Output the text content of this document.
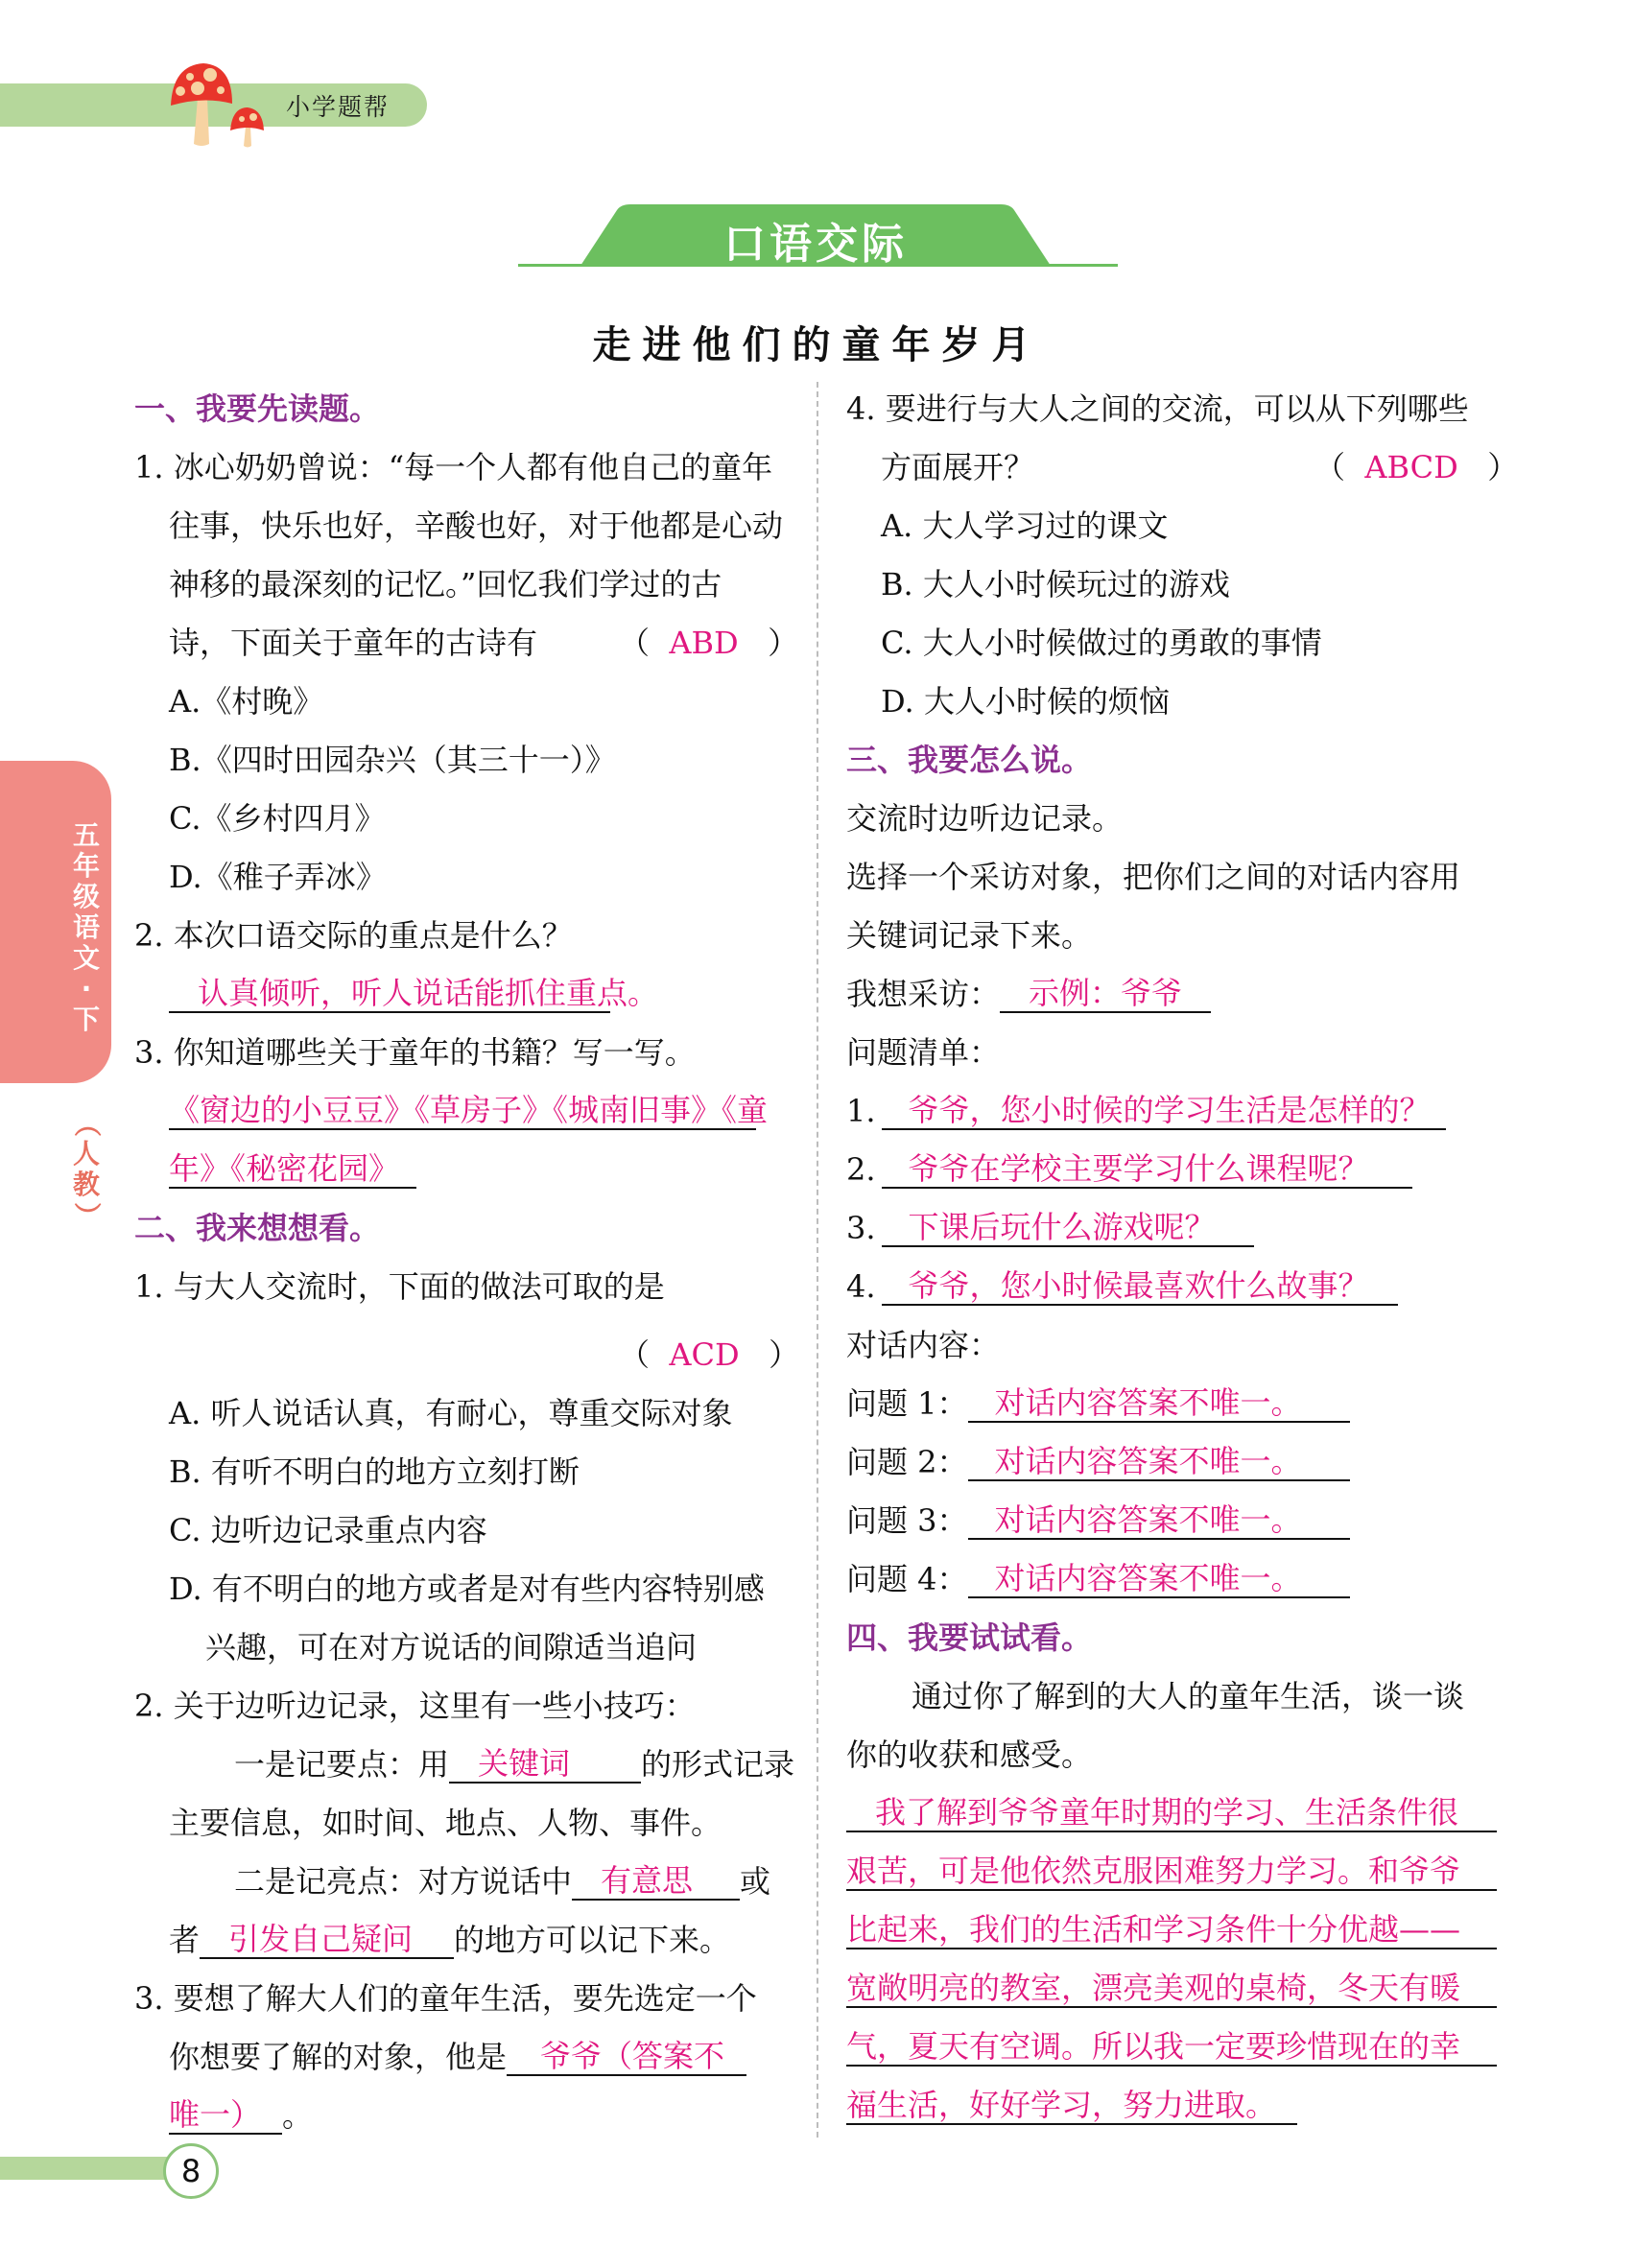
小学题帮
口语交际
走进他们的童年岁月
五
年
级
语
文
·
下
（
人
教
）
一、我要先读题。
1. 冰心奶奶曾说：“每一个人都有他自己的童年
往事，快乐也好，辛酸也好，对于他都是心动
神移的最深刻的记忆。”回忆我们学过的古
诗，下面关于童年的古诗有	（  ABD   ）
A.《村晚》
B.《四时田园杂兴（其三十一）》
C.《乡村四月》
D.《稚子弄冰》
2. 本次口语交际的重点是什么？
认真倾听，听人说话能抓住重点。
3. 你知道哪些关于童年的书籍？写一写。
《窗边的小豆豆》《草房子》《城南旧事》《童
年》《秘密花园》
二、我来想想看。
1. 与大人交流时，下面的做法可取的是
（  ACD   ）
A. 听人说话认真，有耐心，尊重交际对象
B. 有听不明白的地方立刻打断
C. 边听边记录重点内容
D. 有不明白的地方或者是对有些内容特别感
兴趣，可在对方说话的间隙适当追问
2. 关于边听边记录，这里有一些小技巧：
一是记要点：用 关键词 的形式记录
主要信息，如时间、地点、人物、事件。
二是记亮点：对方说话中 有意思 或
者 引发自己疑问 的地方可以记下来。
3. 要想了解大人们的童年生活，要先选定一个
你想要了解的对象，他是 爷爷（答案不
唯一） 。
4. 要进行与大人之间的交流，可以从下列哪些
方面展开？	（  ABCD   ）
A. 大人学习过的课文
B. 大人小时候玩过的游戏
C. 大人小时候做过的勇敢的事情
D. 大人小时候的烦恼
三、我要怎么说。
交流时边听边记录。
选择一个采访对象，把你们之间的对话内容用
关键词记录下来。
我想采访： 示例：爷爷
问题清单：
1. 爷爷，您小时候的学习生活是怎样的？
2. 爷爷在学校主要学习什么课程呢？
3. 下课后玩什么游戏呢？
4. 爷爷，您小时候最喜欢什么故事？
对话内容：
问题 1： 对话内容答案不唯一。
问题 2： 对话内容答案不唯一。
问题 3： 对话内容答案不唯一。
问题 4： 对话内容答案不唯一。
四、我要试试看。
通过你了解到的大人的童年生活，谈一谈
你的收获和感受。
我了解到爷爷童年时期的学习、生活条件很
艰苦，可是他依然克服困难努力学习。和爷爷
比起来，我们的生活和学习条件十分优越——
宽敞明亮的教室，漂亮美观的桌椅，冬天有暖
气，夏天有空调。所以我一定要珍惜现在的幸
福生活，好好学习，努力进取。
8
